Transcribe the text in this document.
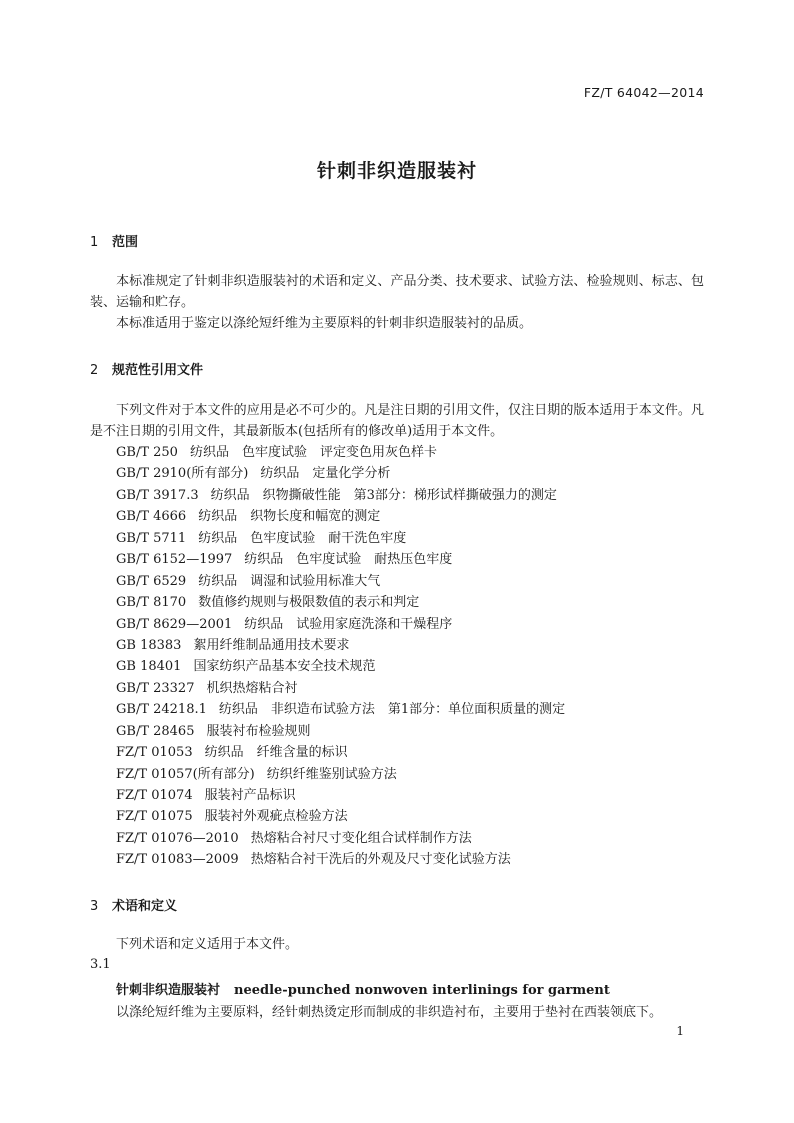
FZ/T 64042—2014
针刺非织造服装衬
1 范围
本标准规定了针刺非织造服装衬的术语和定义、产品分类、技术要求、试验方法、检验规则、标志、包装、运输和贮存。
本标准适用于鉴定以涤纶短纤维为主要原料的针刺非织造服装衬的品质。
2 规范性引用文件
下列文件对于本文件的应用是必不可少的。凡是注日期的引用文件，仅注日期的版本适用于本文件。凡是不注日期的引用文件，其最新版本(包括所有的修改单)适用于本文件。
GB/T 250 纺织品　色牢度试验　评定变色用灰色样卡
GB/T 2910(所有部分) 纺织品　定量化学分析
GB/T 3917.3 纺织品　织物撕破性能　第3部分：梯形试样撕破强力的测定
GB/T 4666 纺织品　织物长度和幅宽的测定
GB/T 5711 纺织品　色牢度试验　耐干洗色牢度
GB/T 6152—1997 纺织品　色牢度试验　耐热压色牢度
GB/T 6529 纺织品　调湿和试验用标准大气
GB/T 8170 数值修约规则与极限数值的表示和判定
GB/T 8629—2001 纺织品　试验用家庭洗涤和干燥程序
GB 18383 絮用纤维制品通用技术要求
GB 18401 国家纺织产品基本安全技术规范
GB/T 23327 机织热熔粘合衬
GB/T 24218.1 纺织品　非织造布试验方法　第1部分：单位面积质量的测定
GB/T 28465 服装衬布检验规则
FZ/T 01053 纺织品　纤维含量的标识
FZ/T 01057(所有部分) 纺织纤维鉴别试验方法
FZ/T 01074 服装衬产品标识
FZ/T 01075 服装衬外观疵点检验方法
FZ/T 01076—2010 热熔粘合衬尺寸变化组合试样制作方法
FZ/T 01083—2009 热熔粘合衬干洗后的外观及尺寸变化试验方法
3 术语和定义
下列术语和定义适用于本文件。
3.1
针刺非织造服装衬 needle-punched nonwoven interlinings for garment
以涤纶短纤维为主要原料，经针刺热烫定形而制成的非织造衬布，主要用于垫衬在西装领底下。
1
